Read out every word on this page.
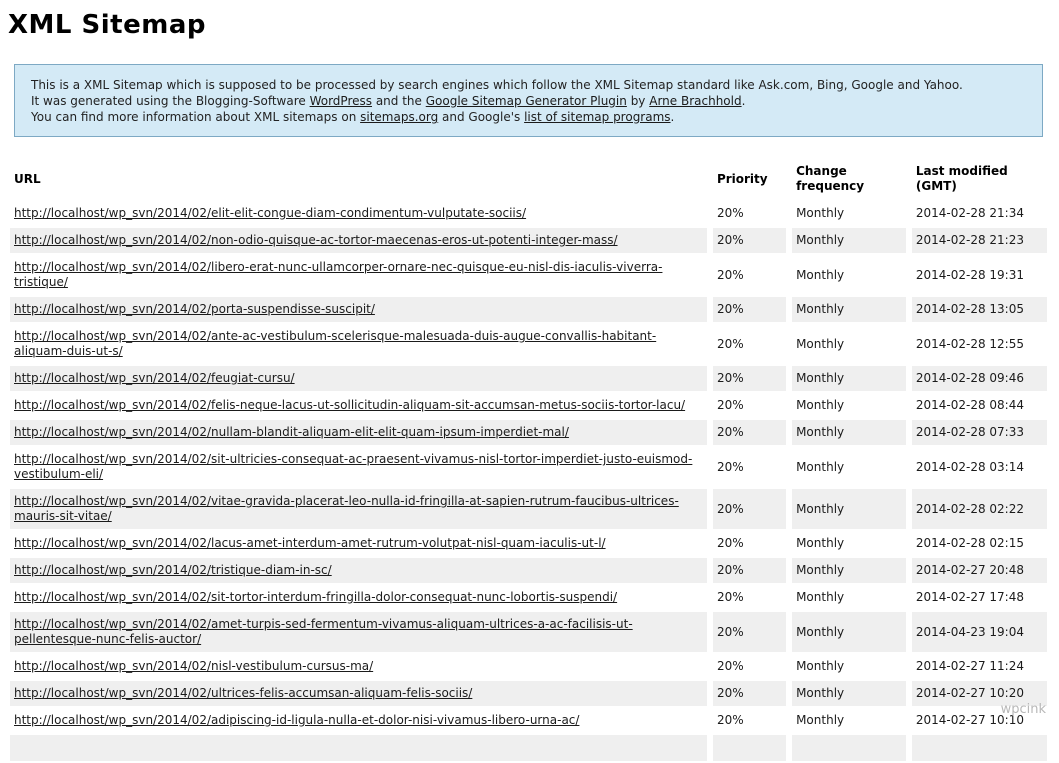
XML Sitemap
This is a XML Sitemap which is supposed to be processed by search engines which follow the XML Sitemap standard like Ask.com, Bing, Google and Yahoo.
It was generated using the Blogging-Software WordPress and the Google Sitemap Generator Plugin by Arne Brachhold.
You can find more information about XML sitemaps on sitemaps.org and Google's list of sitemap programs.
URL	Priority	Change frequency	Last modified (GMT)
http://localhost/wp_svn/2014/02/elit-elit-congue-diam-condimentum-vulputate-sociis/	20%	Monthly	2014-02-28 21:34
http://localhost/wp_svn/2014/02/non-odio-quisque-ac-tortor-maecenas-eros-ut-potenti-integer-mass/	20%	Monthly	2014-02-28 21:23
http://localhost/wp_svn/2014/02/libero-erat-nunc-ullamcorper-ornare-nec-quisque-eu-nisl-dis-iaculis-viverra-tristique/	20%	Monthly	2014-02-28 19:31
http://localhost/wp_svn/2014/02/porta-suspendisse-suscipit/	20%	Monthly	2014-02-28 13:05
http://localhost/wp_svn/2014/02/ante-ac-vestibulum-scelerisque-malesuada-duis-augue-convallis-habitant-aliquam-duis-ut-s/	20%	Monthly	2014-02-28 12:55
http://localhost/wp_svn/2014/02/feugiat-cursu/	20%	Monthly	2014-02-28 09:46
http://localhost/wp_svn/2014/02/felis-neque-lacus-ut-sollicitudin-aliquam-sit-accumsan-metus-sociis-tortor-lacu/	20%	Monthly	2014-02-28 08:44
http://localhost/wp_svn/2014/02/nullam-blandit-aliquam-elit-elit-quam-ipsum-imperdiet-mal/	20%	Monthly	2014-02-28 07:33
http://localhost/wp_svn/2014/02/sit-ultricies-consequat-ac-praesent-vivamus-nisl-tortor-imperdiet-justo-euismod-vestibulum-eli/	20%	Monthly	2014-02-28 03:14
http://localhost/wp_svn/2014/02/vitae-gravida-placerat-leo-nulla-id-fringilla-at-sapien-rutrum-faucibus-ultrices-mauris-sit-vitae/	20%	Monthly	2014-02-28 02:22
http://localhost/wp_svn/2014/02/lacus-amet-interdum-amet-rutrum-volutpat-nisl-quam-iaculis-ut-l/	20%	Monthly	2014-02-28 02:15
http://localhost/wp_svn/2014/02/tristique-diam-in-sc/	20%	Monthly	2014-02-27 20:48
http://localhost/wp_svn/2014/02/sit-tortor-interdum-fringilla-dolor-consequat-nunc-lobortis-suspendi/	20%	Monthly	2014-02-27 17:48
http://localhost/wp_svn/2014/02/amet-turpis-sed-fermentum-vivamus-aliquam-ultrices-a-ac-facilisis-ut-pellentesque-nunc-felis-auctor/	20%	Monthly	2014-04-23 19:04
http://localhost/wp_svn/2014/02/nisl-vestibulum-cursus-ma/	20%	Monthly	2014-02-27 11:24
http://localhost/wp_svn/2014/02/ultrices-felis-accumsan-aliquam-felis-sociis/	20%	Monthly	2014-02-27 10:20
http://localhost/wp_svn/2014/02/adipiscing-id-ligula-nulla-et-dolor-nisi-vivamus-libero-urna-ac/	20%	Monthly	2014-02-27 10:10

wpcink
